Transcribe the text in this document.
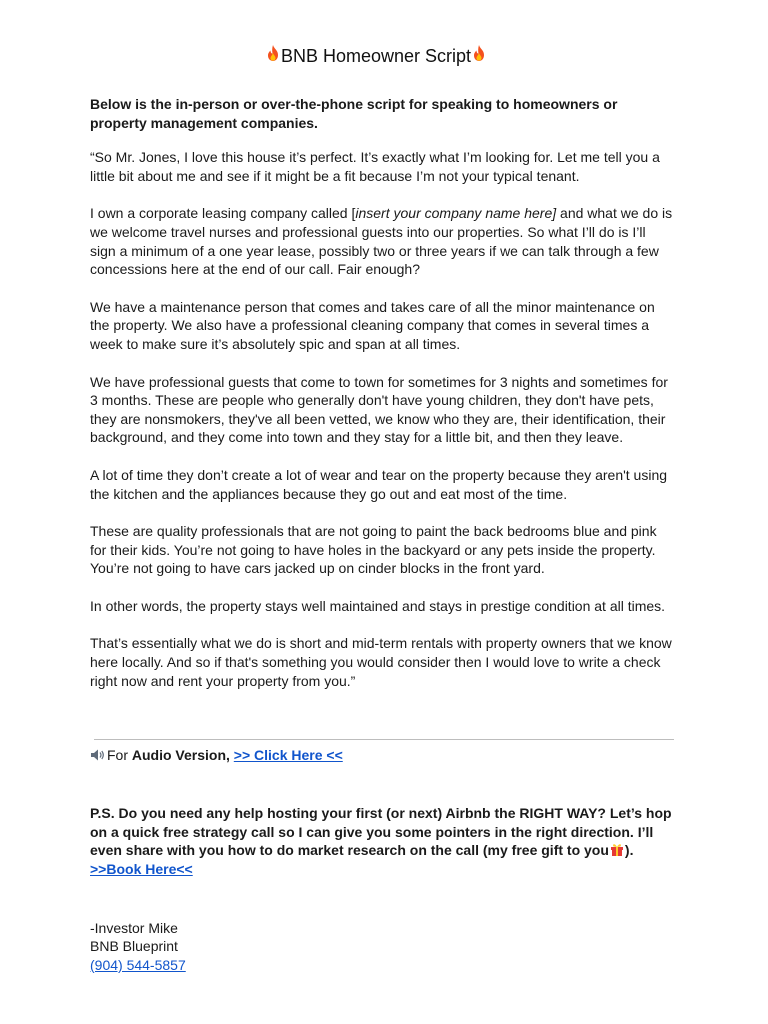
BNB Homeowner Script

Below is the in-person or over-the-phone script for speaking to homeowners or property management companies.

“So Mr. Jones, I love this house it’s perfect. It’s exactly what I’m looking for. Let me tell you a little bit about me and see if it might be a fit because I’m not your typical tenant.

I own a corporate leasing company called [insert your company name here] and what we do is we welcome travel nurses and professional guests into our properties. So what I’ll do is I’ll sign a minimum of a one year lease, possibly two or three years if we can talk through a few concessions here at the end of our call. Fair enough?

We have a maintenance person that comes and takes care of all the minor maintenance on the property. We also have a professional cleaning company that comes in several times a week to make sure it’s absolutely spic and span at all times.

We have professional guests that come to town for sometimes for 3 nights and sometimes for 3 months. These are people who generally don't have young children, they don't have pets, they are nonsmokers, they've all been vetted, we know who they are, their identification, their background, and they come into town and they stay for a little bit, and then they leave.

A lot of time they don’t create a lot of wear and tear on the property because they aren't using the kitchen and the appliances because they go out and eat most of the time.

These are quality professionals that are not going to paint the back bedrooms blue and pink for their kids. You’re not going to have holes in the backyard or any pets inside the property. You’re not going to have cars jacked up on cinder blocks in the front yard.

In other words, the property stays well maintained and stays in prestige condition at all times.

That’s essentially what we do is short and mid-term rentals with property owners that we know here locally. And so if that's something you would consider then I would love to write a check right now and rent your property from you.”

For Audio Version, >> Click Here <<
P.S. Do you need any help hosting your first (or next) Airbnb the RIGHT WAY? Let’s hop on a quick free strategy call so I can give you some pointers in the right direction. I’ll even share with you how to do market research on the call (my free gift to you ).
>>Book Here<<
-Investor Mike
BNB Blueprint
(904) 544-5857
